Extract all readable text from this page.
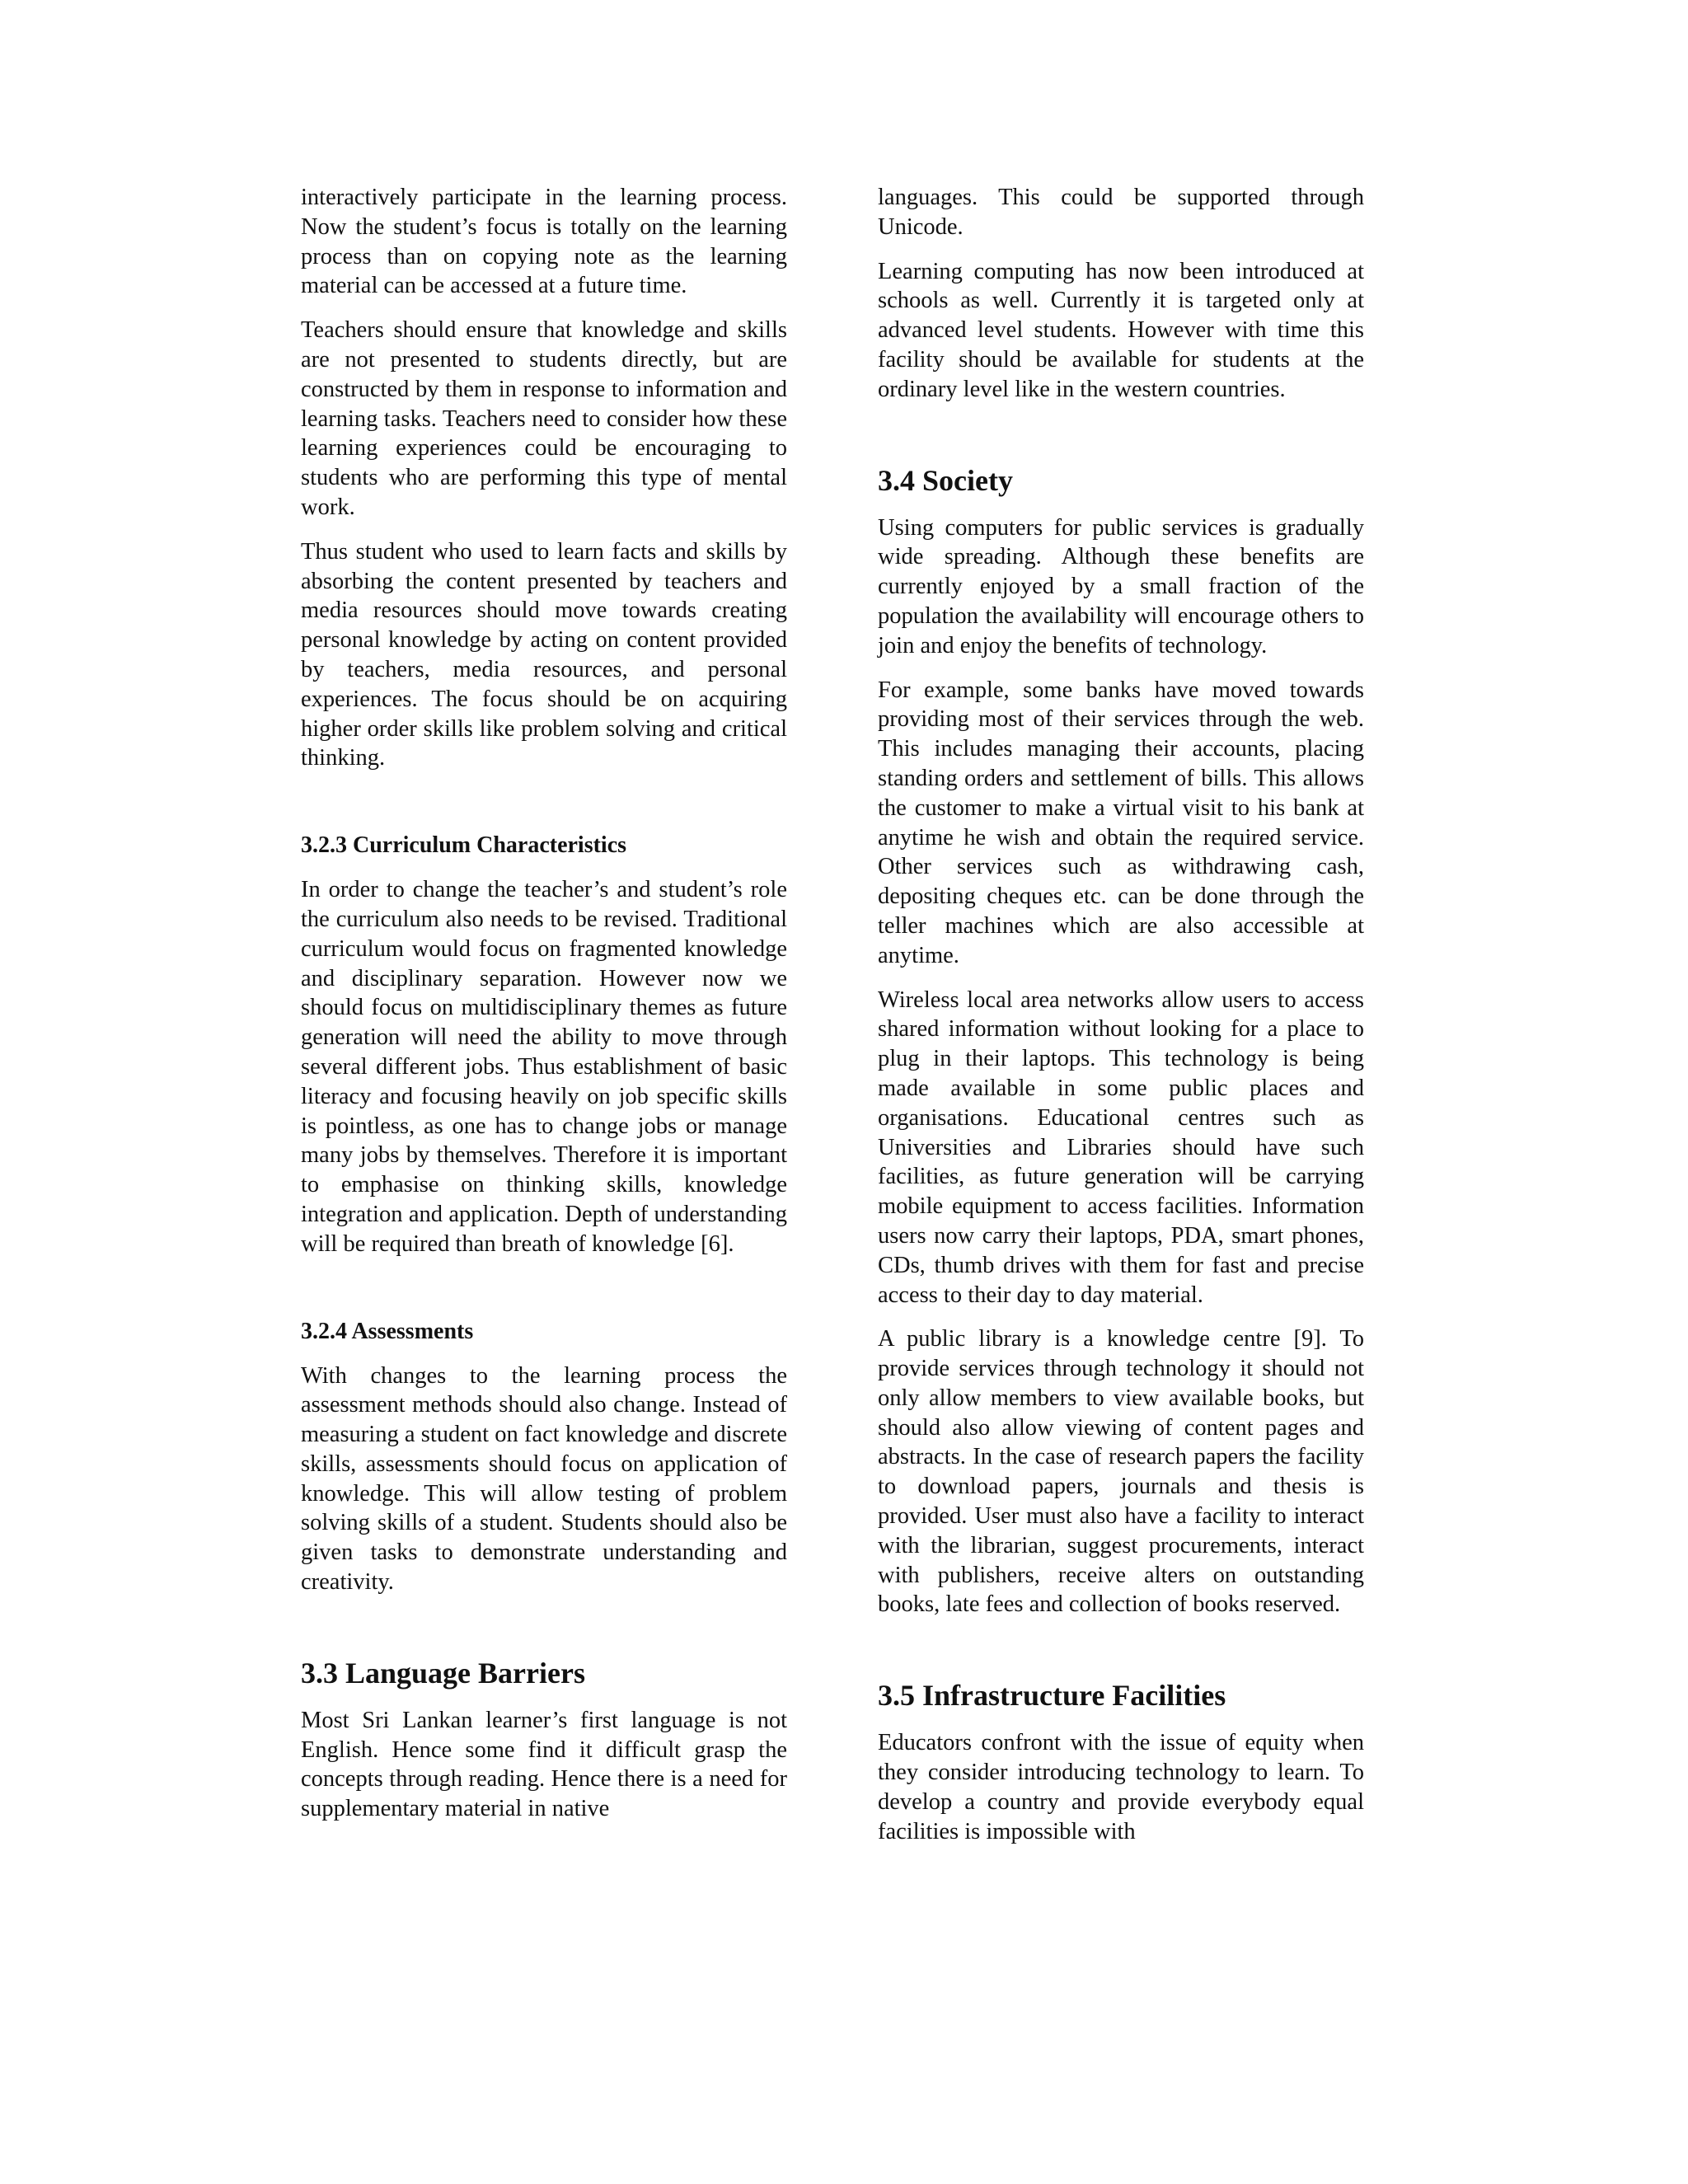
interactively participate in the learning process. Now the student’s focus is totally on the learning process than on copying note as the learning material can be accessed at a future time.

Teachers should ensure that knowledge and skills are not presented to students directly, but are constructed by them in response to information and learning tasks. Teachers need to consider how these learning experiences could be encouraging to students who are performing this type of mental work.

Thus student who used to learn facts and skills by absorbing the content presented by teachers and media resources should move towards creating personal knowledge by acting on content provided by teachers, media resources, and personal experiences. The focus should be on acquiring higher order skills like problem solving and critical thinking.

3.2.3 Curriculum Characteristics

In order to change the teacher’s and student’s role the curriculum also needs to be revised. Traditional curriculum would focus on fragmented knowledge and disciplinary separation. However now we should focus on multidisciplinary themes as future generation will need the ability to move through several different jobs. Thus establishment of basic literacy and focusing heavily on job specific skills is pointless, as one has to change jobs or manage many jobs by themselves. Therefore it is important to emphasise on thinking skills, knowledge integration and application. Depth of understanding will be required than breath of knowledge [6].

3.2.4 Assessments

With changes to the learning process the assessment methods should also change. Instead of measuring a student on fact knowledge and discrete skills, assessments should focus on application of knowledge. This will allow testing of problem solving skills of a student. Students should also be given tasks to demonstrate understanding and creativity.

3.3 Language Barriers

Most Sri Lankan learner’s first language is not English. Hence some find it difficult grasp the concepts through reading. Hence there is a need for supplementary material in native

languages. This could be supported through Unicode.

Learning computing has now been introduced at schools as well. Currently it is targeted only at advanced level students. However with time this facility should be available for students at the ordinary level like in the western countries.

3.4 Society

Using computers for public services is gradually wide spreading. Although these benefits are currently enjoyed by a small fraction of the population the availability will encourage others to join and enjoy the benefits of technology.

For example, some banks have moved towards providing most of their services through the web. This includes managing their accounts, placing standing orders and settlement of bills. This allows the customer to make a virtual visit to his bank at anytime he wish and obtain the required service. Other services such as withdrawing cash, depositing cheques etc. can be done through the teller machines which are also accessible at anytime.

Wireless local area networks allow users to access shared information without looking for a place to plug in their laptops. This technology is being made available in some public places and organisations. Educational centres such as Universities and Libraries should have such facilities, as future generation will be carrying mobile equipment to access facilities. Information users now carry their laptops, PDA, smart phones, CDs, thumb drives with them for fast and precise access to their day to day material.

A public library is a knowledge centre [9]. To provide services through technology it should not only allow members to view available books, but should also allow viewing of content pages and abstracts. In the case of research papers the facility to download papers, journals and thesis is provided. User must also have a facility to interact with the librarian, suggest procurements, interact with publishers, receive alters on outstanding books, late fees and collection of books reserved.

3.5 Infrastructure Facilities

Educators confront with the issue of equity when they consider introducing technology to learn. To develop a country and provide everybody equal facilities is impossible with
